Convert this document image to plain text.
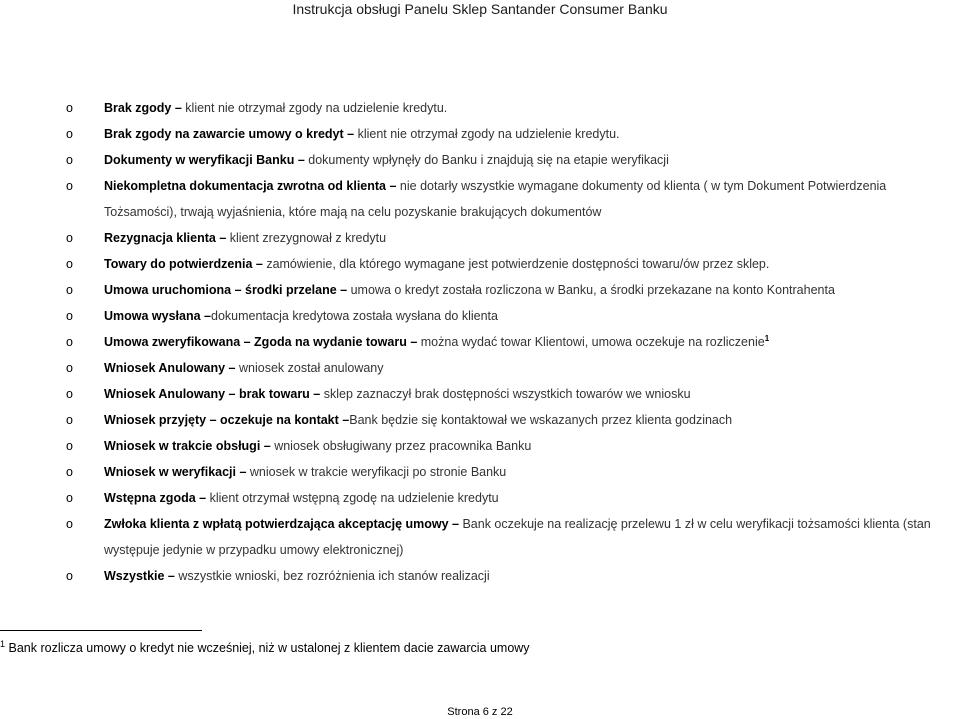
Instrukcja obsługi Panelu Sklep Santander Consumer Banku
o Brak zgody – klient nie otrzymał zgody na udzielenie kredytu.
o Brak zgody na zawarcie umowy o kredyt – klient nie otrzymał zgody na udzielenie kredytu.
o Dokumenty w weryfikacji Banku – dokumenty wpłynęły do Banku i znajdują się na etapie weryfikacji
o Niekompletna dokumentacja zwrotna od klienta – nie dotarły wszystkie wymagane dokumenty od klienta ( w tym Dokument Potwierdzenia
Tożsamości), trwają wyjaśnienia, które mają na celu pozyskanie brakujących dokumentów
o Rezygnacja klienta – klient zrezygnował z kredytu
o Towary do potwierdzenia – zamówienie, dla którego wymagane jest potwierdzenie dostępności towaru/ów przez sklep.
o Umowa uruchomiona – środki przelane – umowa o kredyt została rozliczona w Banku, a środki przekazane na konto Kontrahenta
o Umowa wysłana –dokumentacja kredytowa została wysłana do klienta
o Umowa zweryfikowana – Zgoda na wydanie towaru – można wydać towar Klientowi, umowa oczekuje na rozliczenie$^1$
o Wniosek Anulowany – wniosek został anulowany
o Wniosek Anulowany – brak towaru – sklep zaznaczył brak dostępności wszystkich towarów we wniosku
o Wniosek przyjęty – oczekuje na kontakt –Bank będzie się kontaktował we wskazanych przez klienta godzinach
o Wniosek w trakcie obsługi – wniosek obsługiwany przez pracownika Banku
o Wniosek w weryfikacji – wniosek w trakcie weryfikacji po stronie Banku
o Wstępna zgoda – klient otrzymał wstępną zgodę na udzielenie kredytu
o Zwłoka klienta z wpłatą potwierdzająca akceptację umowy – Bank oczekuje na realizację przelewu 1 zł w celu weryfikacji tożsamości klienta (stan
występuje jedynie w przypadku umowy elektronicznej)
o Wszystkie – wszystkie wnioski, bez rozróżnienia ich stanów realizacji
$^1$ Bank rozlicza umowy o kredyt nie wcześniej, niż w ustalonej z klientem dacie zawarcia umowy
Strona 6 z 22
